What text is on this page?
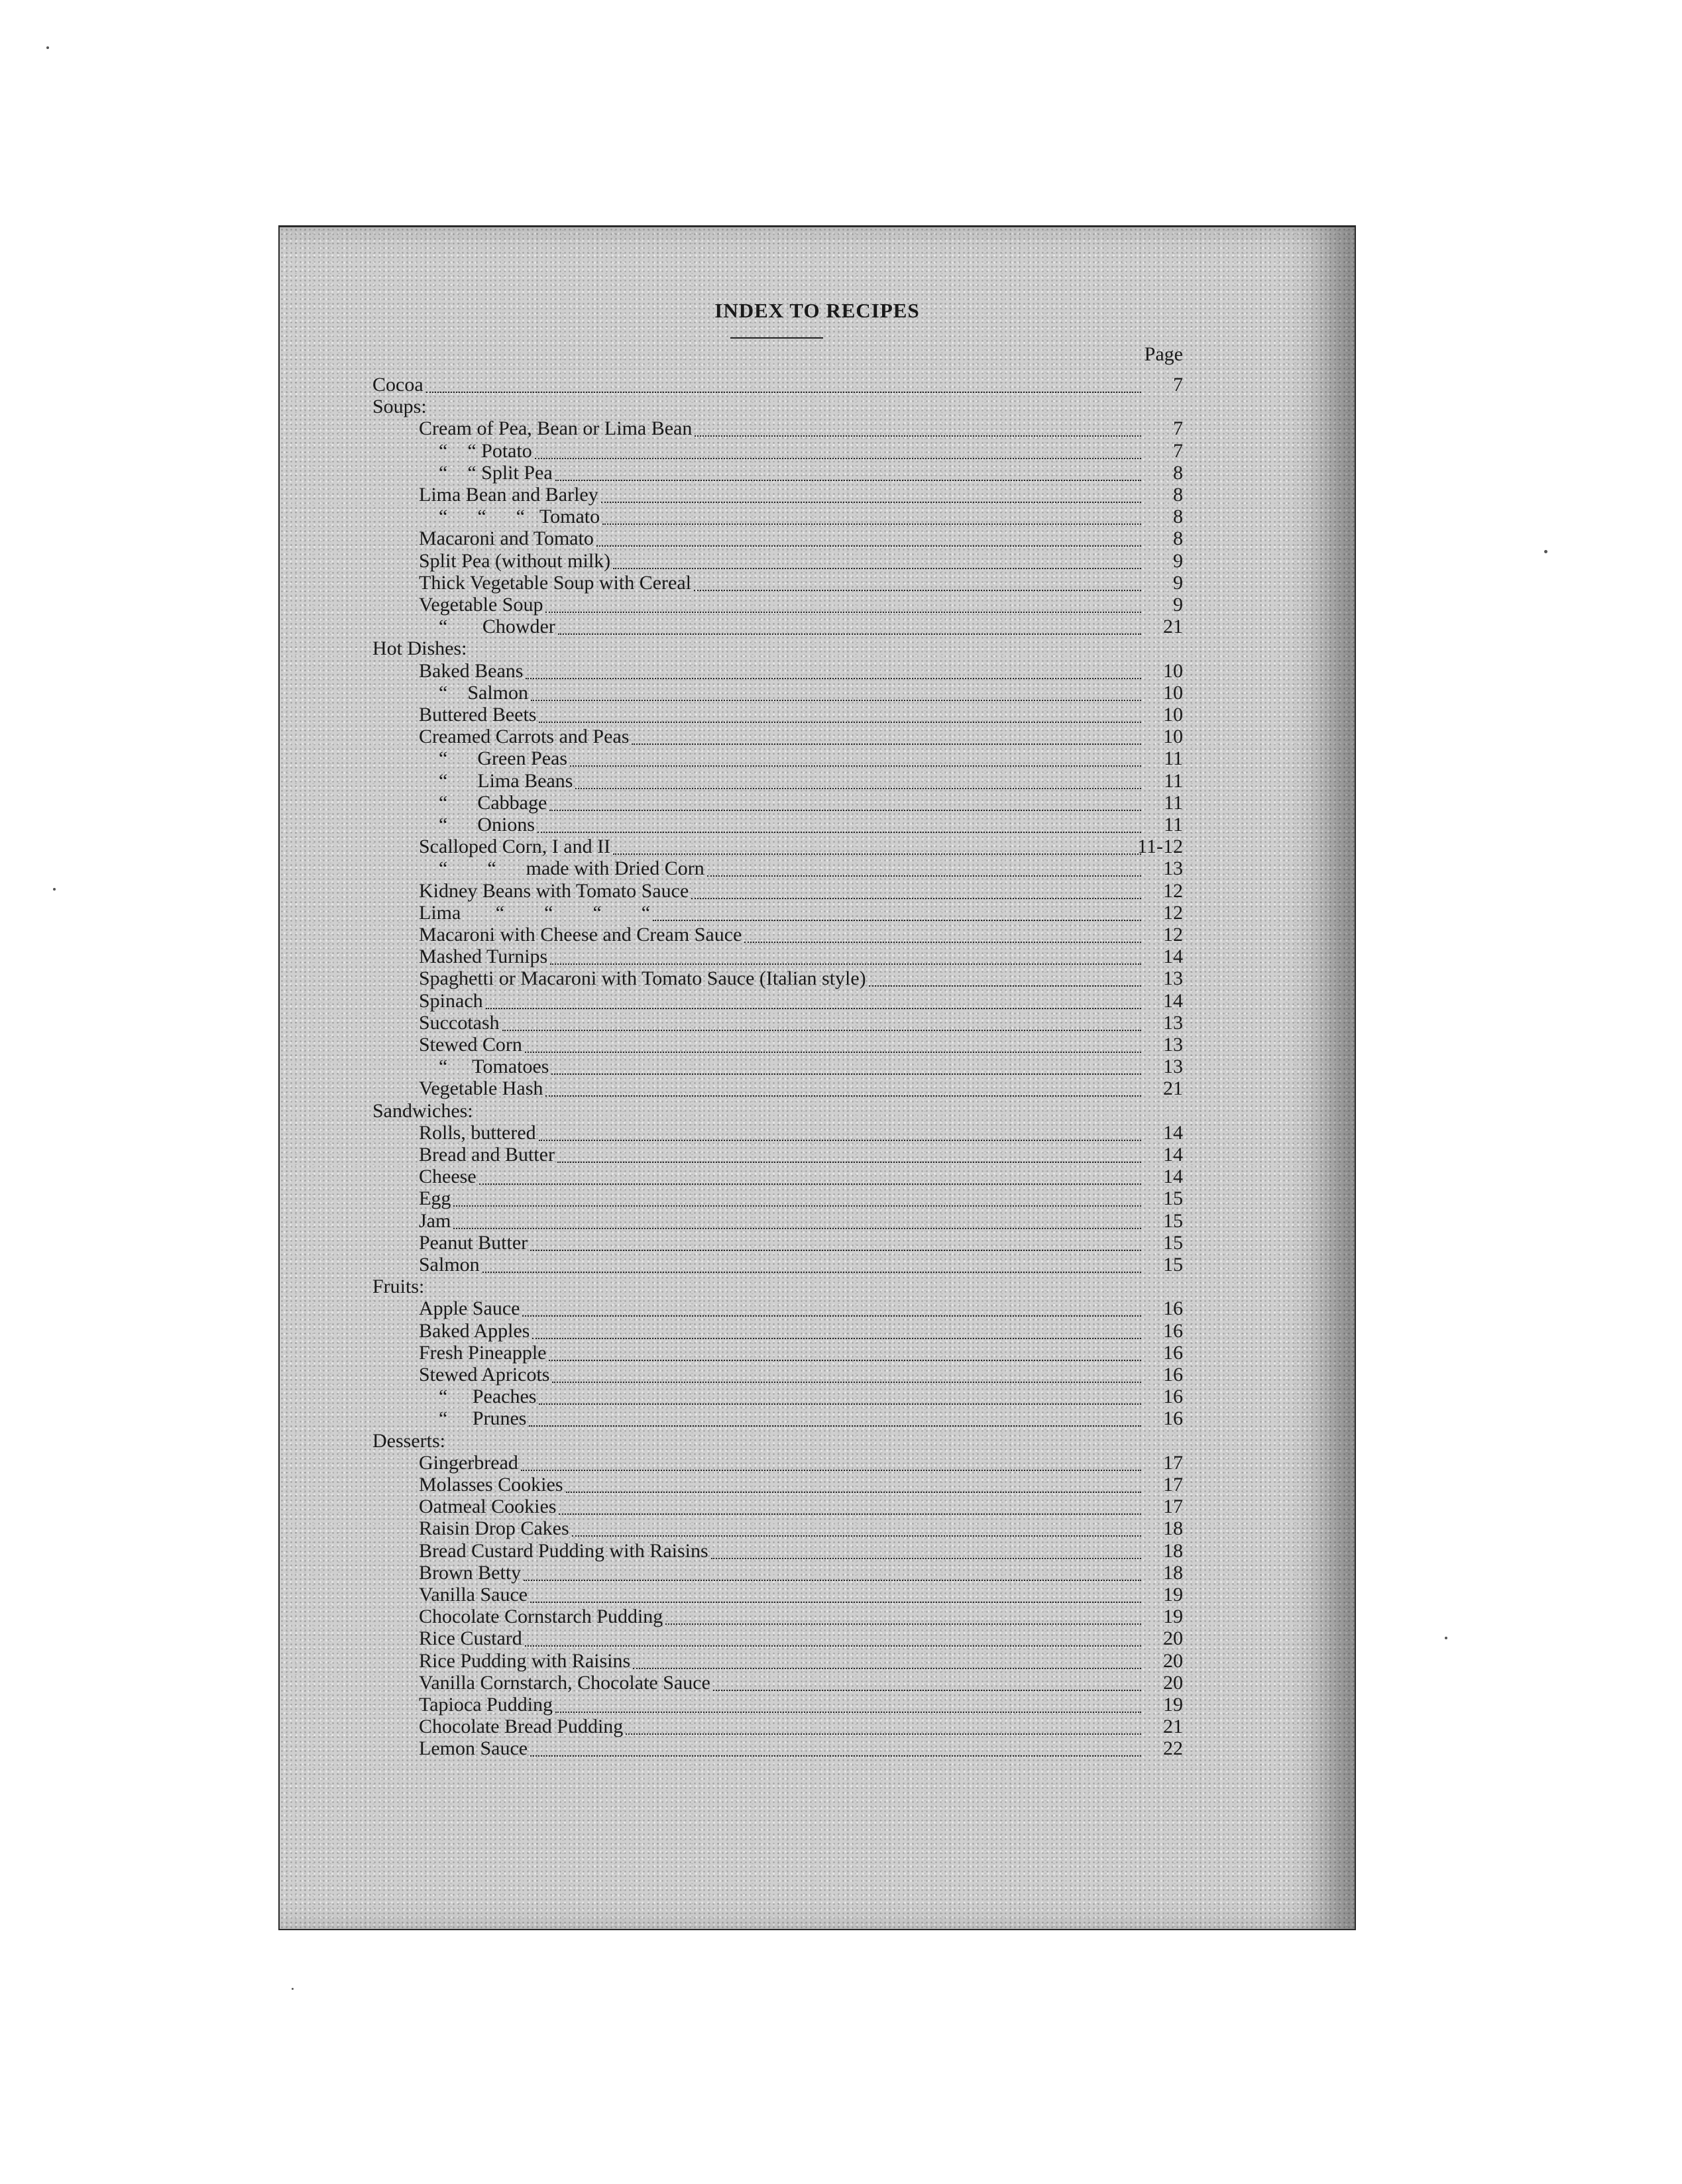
INDEX TO RECIPES
Page
Cocoa	7
Soups:
Cream of Pea, Bean or Lima Bean	7
“    “ Potato	7
“    “ Split Pea	8
Lima Bean and Barley	8
“      “      “   Tomato	8
Macaroni and Tomato	8
Split Pea (without milk)	9
Thick Vegetable Soup with Cereal	9
Vegetable Soup	9
“       Chowder	21
Hot Dishes:
Baked Beans	10
“    Salmon	10
Buttered Beets	10
Creamed Carrots and Peas	10
“      Green Peas	11
“      Lima Beans	11
“      Cabbage	11
“      Onions	11
Scalloped Corn, I and II	11-12
“        “      made with Dried Corn	13
Kidney Beans with Tomato Sauce	12
Lima       “        “        “        “	12
Macaroni with Cheese and Cream Sauce	12
Mashed Turnips	14
Spaghetti or Macaroni with Tomato Sauce (Italian style)	13
Spinach	14
Succotash	13
Stewed Corn	13
“     Tomatoes	13
Vegetable Hash	21
Sandwiches:
Rolls, buttered	14
Bread and Butter	14
Cheese	14
Egg	15
Jam	15
Peanut Butter	15
Salmon	15
Fruits:
Apple Sauce	16
Baked Apples	16
Fresh Pineapple	16
Stewed Apricots	16
“     Peaches	16
“     Prunes	16
Desserts:
Gingerbread	17
Molasses Cookies	17
Oatmeal Cookies	17
Raisin Drop Cakes	18
Bread Custard Pudding with Raisins	18
Brown Betty	18
Vanilla Sauce	19
Chocolate Cornstarch Pudding	19
Rice Custard	20
Rice Pudding with Raisins	20
Vanilla Cornstarch, Chocolate Sauce	20
Tapioca Pudding	19
Chocolate Bread Pudding	21
Lemon Sauce	22
